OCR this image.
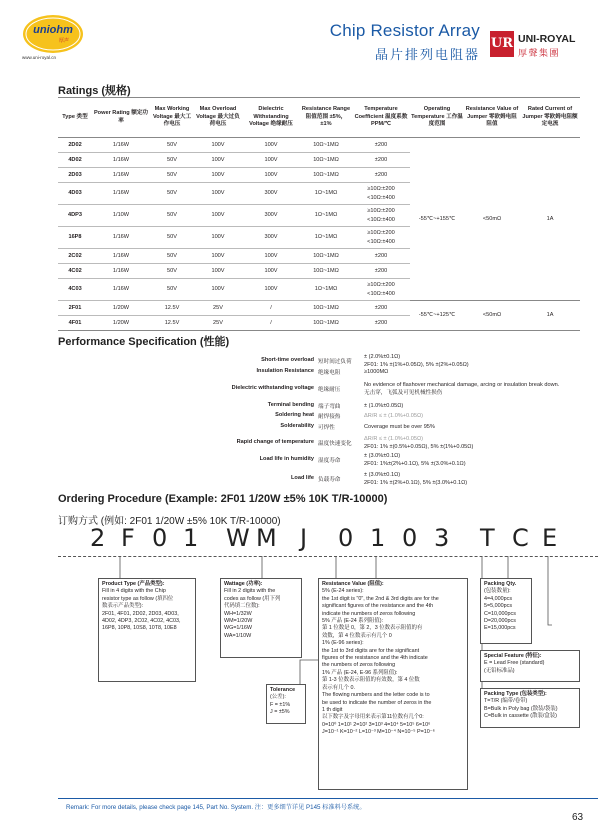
uniohm
厚声
www.uni-royal.cn
Chip Resistor Array
晶片排列电阻器
UR UNI-ROYAL
厚聲集團
Ratings (规格)
Type 类型	Power Rating 额定功率	Max Working Voltage 最大工作电压	Max Overload Voltage 最大过负荷电压	Dielectric Withstanding Voltage 绝缘耐压	Resistance Range 阻值范围 ±5%，±1%	Temperature Coefficient 温度系数PPM/℃	Operating Temperature 工作温度范围	Resistance Value of Jumper 零欧姆电阻阻值	Rated Current of Jumper 零欧姆电阻额定电流
2D02	1/16W	50V	100V	100V	10Ω~1MΩ	±200	-55℃~+155℃	<50mΩ	1A
4D02	1/16W	50V	100V	100V	10Ω~1MΩ	±200			

2D03	1/16W	50V	100V	100V	10Ω~1MΩ	±200			

4D03	1/16W	50V	100V	300V	1Ω~1MΩ	≥10Ω:±200
<10Ω:±400			

4DP3	1/10W	50V	100V	300V	1Ω~1MΩ	≥10Ω:±200
<10Ω:±400			

16P8	1/16W	50V	100V	300V	1Ω~1MΩ	≥10Ω:±200
<10Ω:±400			

2C02	1/16W	50V	100V	100V	10Ω~1MΩ	±200			

4C02	1/16W	50V	100V	100V	10Ω~1MΩ	±200			

4C03	1/16W	50V	100V	100V	1Ω~1MΩ	≥10Ω:±200
<10Ω:±400			

2F01	1/20W	12.5V	25V	/	10Ω~1MΩ	±200	-55℃~+125℃	<50mΩ	1A
4F01	1/20W	12.5V	25V	/	10Ω~1MΩ	±200			
Performance Specification (性能)
Short-time overload 短时间过负荷
± (2.0%±0.1Ω)
2F01: 1% ±(1%+0.05Ω), 5% ±(2%+0.05Ω)
Insulation Resistance 绝缘电阻	≥1000MΩ
Dielectric withstanding voltage 绝缘耐压
No evidence of flashover mechanical damage, arcing or insulation break down.
无击穿，飞弧及可见机械性损伤
Terminal bending 端子弯曲	± (1.0%±0.05Ω)
Soldering heat 耐焊接热	ΔR/R ≤ ± (1.0%+0.05Ω)
Solderability 可焊性	Coverage must be over 95%
Rapid change of temperature 温度快速变化
ΔR/R ≤ ± (1.0%+0.05Ω)
2F01: 1% ±(0.5%+0.05Ω), 5% ±(1%+0.05Ω)
Load life in humidity 湿度寿命
± (3.0%±0.1Ω)
2F01: 1%±(2%+0.1Ω), 5% ±(3.0%+0.1Ω)
Load life 负载寿命
± (3.0%±0.1Ω)
2F01: 1% ±(2%+0.1Ω), 5% ±(3.0%+0.1Ω)
Ordering Procedure (Example: 2F01 1/20W ±5% 10K T/R-10000)
订购方式 (例如: 2F01 1/20W ±5% 10K T/R-10000)
2 F 0 1 W M J 0 1 0 3 T C E
Product Type (产品类型):
Fill in 4 digits with the Chip
resistor type as follow (填四位
数表示产品类型):
2F01, 4F01, 2D02, 2D03, 4D03,
4D02, 4DP3, 2C02, 4C02, 4C03,
16P8, 10P8, 10S8, 10T8, 10E8
Wattage (功率):
Fill in 2 digits with the
codes as follow (用下列
代码填二位数):
WH=1/32W
WM=1/20W
WG=1/16W
WA=1/10W
Tolerance
(公差):
F = ±1%
J = ±5%
Resistance Value (阻值):
5% (E-24 series):
the 1st digit is "0", the 2nd & 3rd digits are for the
significant figures of the resistance and the 4th
indicate the numbers of zeros following
5% 产品 (E-24 系列阻值):
第 1 位数是 0，第 2，3 位数表示阻值的有
效数，第 4 位数表示有几个 0
1% (E-96 series):
the 1st to 3rd digits are for the significant
figures of the resistance and the 4th indicate
the numbers of zeros following
1% 产品 (E-24, E-96 系列阻值):
第 1-3 位数表示阻值的有效数，第 4 位数
表示有几个 0.
The flowing numbers and the letter code is to
be used to indicate the number of zeros in the
1 th digit
以下数字及字母用来表示第11位数有几个0:
0=10⁰ 1=10¹ 2=10² 3=10³ 4=10⁴ 5=10⁵ 6=10⁶
J=10⁻¹ K=10⁻² L=10⁻³ M=10⁻⁴ N=10⁻⁵ P=10⁻⁶
Packing Qty.
(包装数量):
4=4,000pcs
5=5,000pcs
C=10,000pcs
D=20,000pcs
E=15,000pcs
Special Feature (特征):
E = Lead Free (standard)
(无铅标准品)
Packing Type (包装类型):
T=T/R (编带/卷带)
B=Bulk in Poly bag (散装/袋装)
C=Bulk in cassette (散装/盒装)
Remark: For more details, please check page 145, Part No. System. 注：更多细节详见 P145 标准料号系统。
63
